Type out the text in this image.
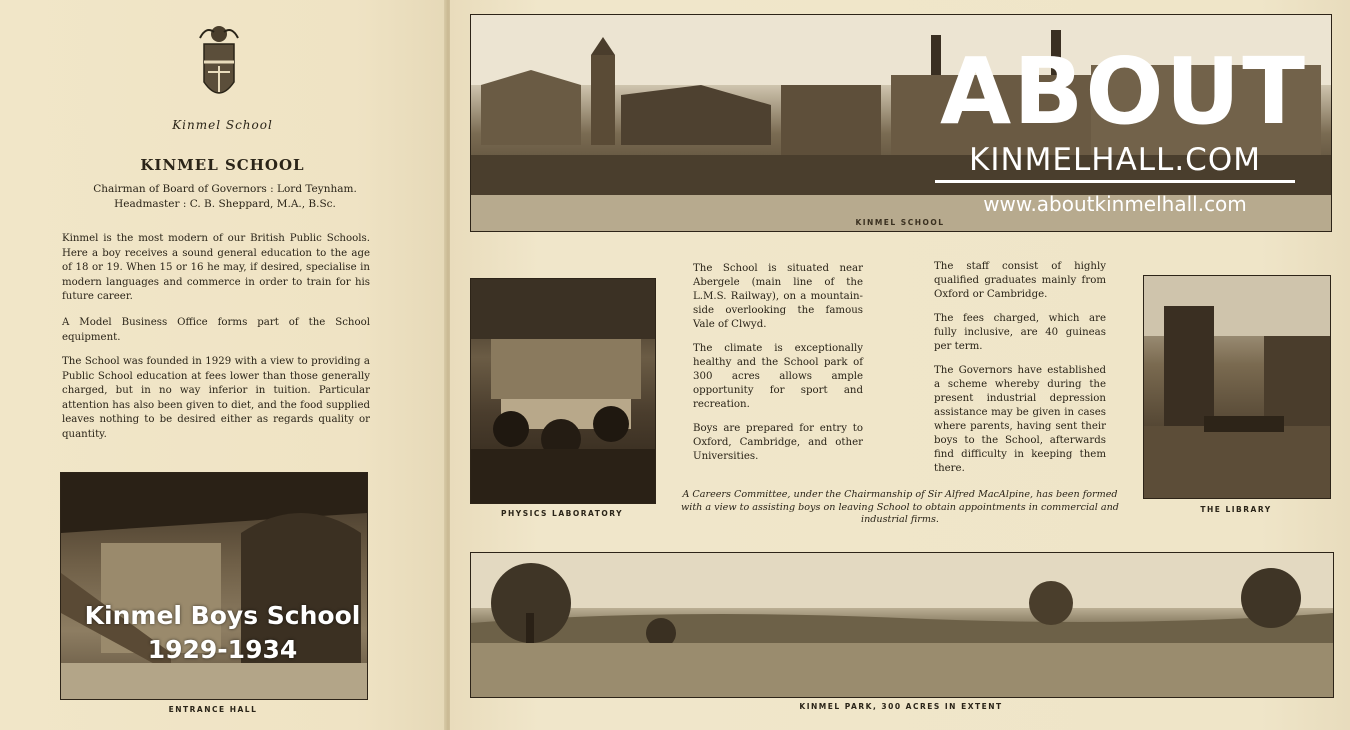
Kinmel School
KINMEL SCHOOL
Chairman of Board of Governors : Lord Teynham.
Headmaster : C. B. Sheppard, M.A., B.Sc.
Kinmel is the most modern of our British Public Schools. Here a boy receives a sound general education to the age of 18 or 19. When 15 or 16 he may, if desired, specialise in modern languages and commerce in order to train for his future career.
A Model Business Office forms part of the School equipment.
The School was founded in 1929 with a view to providing a Public School education at fees lower than those generally charged, but in no way inferior in tuition. Particular attention has also been given to diet, and the food supplied leaves nothing to be desired either as regards quality or quantity.
ENTRANCE HALL
Kinmel Boys School
1929-1934
KINMEL SCHOOL
PHYSICS LABORATORY

The School is situated near Abergele (main line of the L.M.S. Railway), on a mountain-side overlooking the famous Vale of Clwyd.

The climate is exceptionally healthy and the School park of 300 acres allows ample opportunity for sport and recreation.

Boys are prepared for entry to Oxford, Cambridge, and other Universities.

The staff consist of highly qualified graduates mainly from Oxford or Cambridge.

The fees charged, which are fully inclusive, are 40 guineas per term.

The Governors have established a scheme whereby during the present industrial depression assistance may be given in cases where parents, having sent their boys to the School, afterwards find difficulty in keeping them there.

THE LIBRARY
A Careers Committee, under the Chairmanship of Sir Alfred MacAlpine, has been formed with a view to assisting boys on leaving School to obtain appointments in commercial and industrial firms.
KINMEL PARK, 300 ACRES IN EXTENT
ABOUT
KINMELHALL.COM
www.aboutkinmelhall.com
